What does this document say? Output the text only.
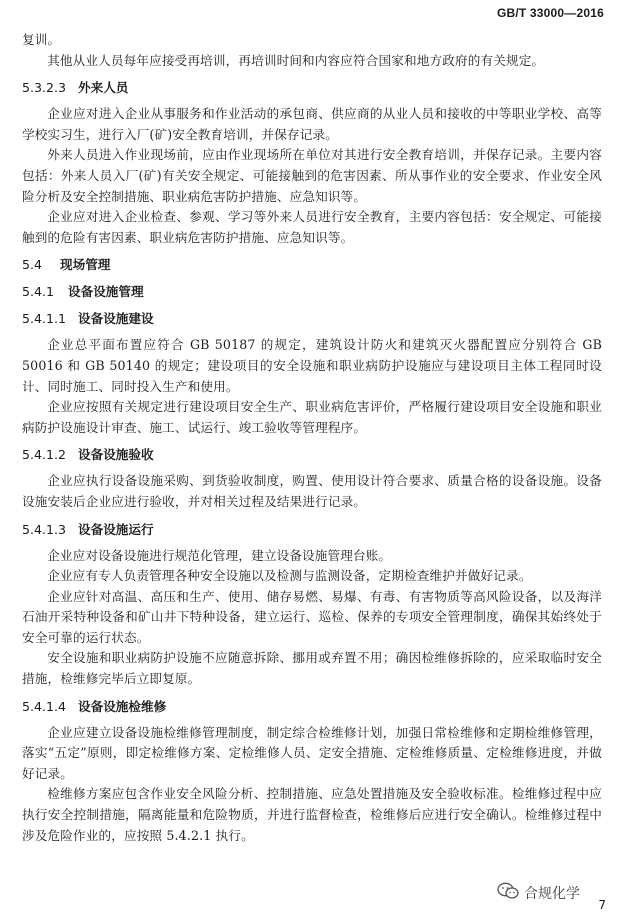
GB/T 33000—2016

复训。

其他从业人员每年应接受再培训，再培训时间和内容应符合国家和地方政府的有关规定。

5.3.2.3 外来人员

企业应对进入企业从事服务和作业活动的承包商、供应商的从业人员和接收的中等职业学校、高等学校实习生，进行入厂(矿)安全教育培训，并保存记录。

外来人员进入作业现场前，应由作业现场所在单位对其进行安全教育培训，并保存记录。主要内容包括：外来人员入厂(矿)有关安全规定、可能接触到的危害因素、所从事作业的安全要求、作业安全风险分析及安全控制措施、职业病危害防护措施、应急知识等。

企业应对进入企业检查、参观、学习等外来人员进行安全教育，主要内容包括：安全规定、可能接触到的危险有害因素、职业病危害防护措施、应急知识等。

5.4 现场管理
5.4.1 设备设施管理
5.4.1.1 设备设施建设

企业总平面布置应符合 GB 50187 的规定，建筑设计防火和建筑灭火器配置应分别符合 GB 50016 和 GB 50140 的规定；建设项目的安全设施和职业病防护设施应与建设项目主体工程同时设计、同时施工、同时投入生产和使用。

企业应按照有关规定进行建设项目安全生产、职业病危害评价，严格履行建设项目安全设施和职业病防护设施设计审查、施工、试运行、竣工验收等管理程序。

5.4.1.2 设备设施验收

企业应执行设备设施采购、到货验收制度，购置、使用设计符合要求、质量合格的设备设施。设备设施安装后企业应进行验收，并对相关过程及结果进行记录。

5.4.1.3 设备设施运行

企业应对设备设施进行规范化管理，建立设备设施管理台账。

企业应有专人负责管理各种安全设施以及检测与监测设备，定期检查维护并做好记录。

企业应针对高温、高压和生产、使用、储存易燃、易爆、有毒、有害物质等高风险设备，以及海洋石油开采特种设备和矿山井下特种设备，建立运行、巡检、保养的专项安全管理制度，确保其始终处于安全可靠的运行状态。

安全设施和职业病防护设施不应随意拆除、挪用或弃置不用；确因检维修拆除的，应采取临时安全措施，检维修完毕后立即复原。

5.4.1.4 设备设施检维修

企业应建立设备设施检维修管理制度，制定综合检维修计划，加强日常检维修和定期检维修管理，落实“五定”原则，即定检维修方案、定检维修人员、定安全措施、定检维修质量、定检维修进度，并做好记录。

检维修方案应包含作业安全风险分析、控制措施、应急处置措施及安全验收标准。检维修过程中应执行安全控制措施，隔离能量和危险物质，并进行监督检查，检维修后应进行安全确认。检维修过程中涉及危险作业的，应按照 5.4.2.1 执行。

合规化学
7
